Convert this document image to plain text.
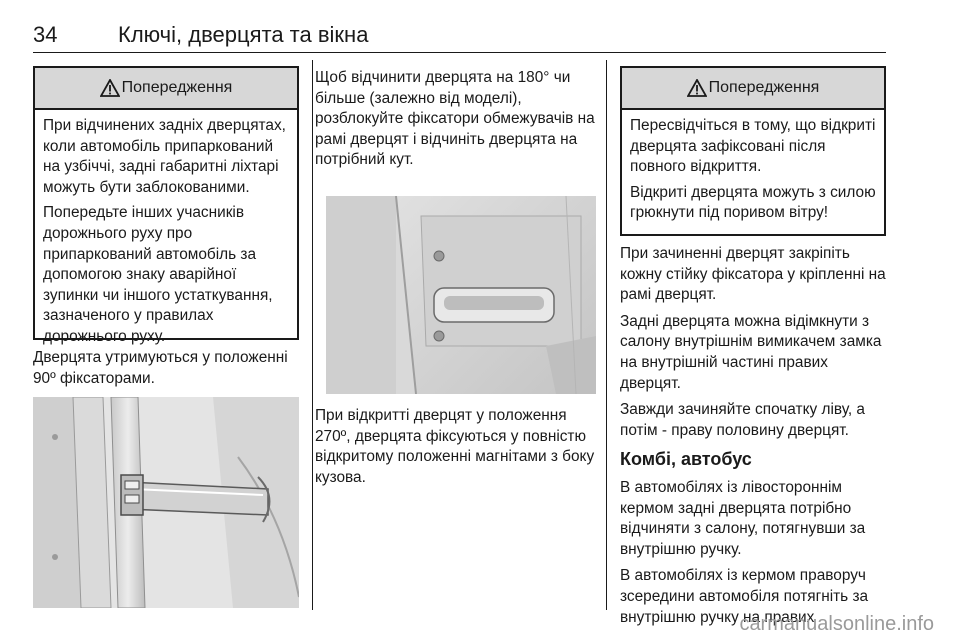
34	Ключі, дверцята та вікна
Попередження

При відчинених задніх дверцятах, коли автомобіль припаркований на узбіччі, задні габаритні ліхтарі можуть бути заблокованими.

Попередьте інших учасників дорожнього руху про припаркований автомобіль за допомогою знаку аварійної зупинки чи іншого устаткування, зазначеного у правилах дорожнього руху.

Дверцята утримуються у положенні 90º фіксаторами.

Щоб відчинити дверцята на 180° чи більше (залежно від моделі), розблокуйте фіксатори обмежувачів на рамі дверцят і відчиніть дверцята на потрібний кут.

При відкритті дверцят у положення 270º, дверцята фіксуються у повністю відкритому положенні магнітами з боку кузова.

Попередження

Пересвідчіться в тому, що відкриті дверцята зафіксовані після повного відкриття.

Відкриті дверцята можуть з силою грюкнути під поривом вітру!

При зачиненні дверцят закріпіть кожну стійку фіксатора у кріпленні на рамі дверцят.

Задні дверцята можна відімкнути з салону внутрішнім вимикачем замка на внутрішній частині правих дверцят.

Завжди зачиняйте спочатку ліву, а потім - праву половину дверцят.

Комбі, автобус

В автомобілях із лівостороннім кермом задні дверцята потрібно відчиняти з салону, потягнувши за внутрішню ручку.

В автомобілях із кермом праворуч зсередини автомобіля потягніть за внутрішню ручку на правих

carmanualsonline.info
